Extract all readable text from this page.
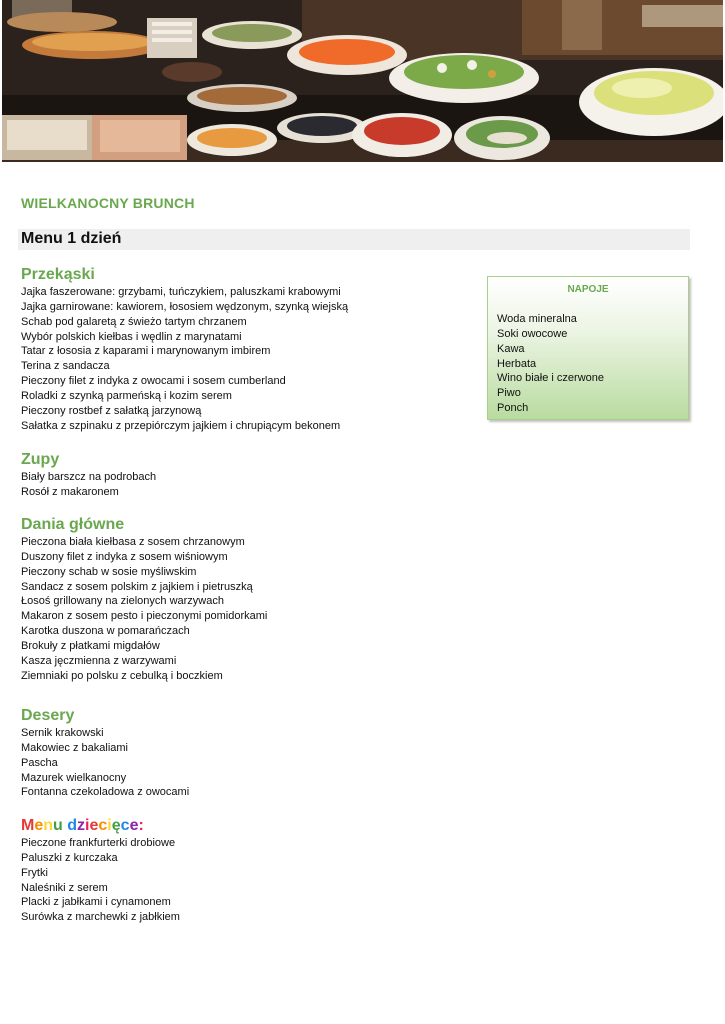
WIELKANOCNY BRUNCH
Menu 1 dzień
Przekąski
Jajka faszerowane: grzybami, tuńczykiem, paluszkami krabowymi
Jajka garnirowane: kawiorem, łososiem wędzonym, szynką wiejską
Schab pod galaretą z świeżo tartym chrzanem
Wybór polskich kiełbas i wędlin z marynatami
Tatar z łososia z kaparami i marynowanym imbirem
Terina z sandacza
Pieczony filet z indyka z owocami i sosem cumberland
Roladki z szynką parmeńską i kozim serem
Pieczony rostbef z sałatką jarzynową
Sałatka z szpinaku z przepiórczym jajkiem i chrupiącym bekonem
Zupy
Biały barszcz na podrobach
Rosół z makaronem
Dania główne
Pieczona biała kiełbasa z sosem chrzanowym
Duszony filet z indyka z sosem wiśniowym
Pieczony schab w sosie myśliwskim
Sandacz z sosem polskim z jajkiem i pietruszką
Łosoś grillowany na zielonych warzywach
Makaron z sosem pesto i pieczonymi pomidorkami
Karotka duszona w pomarańczach
Brokuły z płatkami migdałów
Kasza jęczmienna z warzywami
Ziemniaki po polsku z cebulką i boczkiem
Desery
Sernik krakowski
Makowiec z bakaliami
Pascha
Mazurek wielkanocny
Fontanna czekoladowa z owocami
Menu dziecięce:
Pieczone frankfurterki drobiowe
Paluszki z kurczaka
Frytki
Naleśniki z serem
Placki z jabłkami i cynamonem
Surówka z marchewki z jabłkiem
NAPOJE
Woda mineralna
Soki owocowe
Kawa
Herbata
Wino białe i czerwone
Piwo
Ponch
